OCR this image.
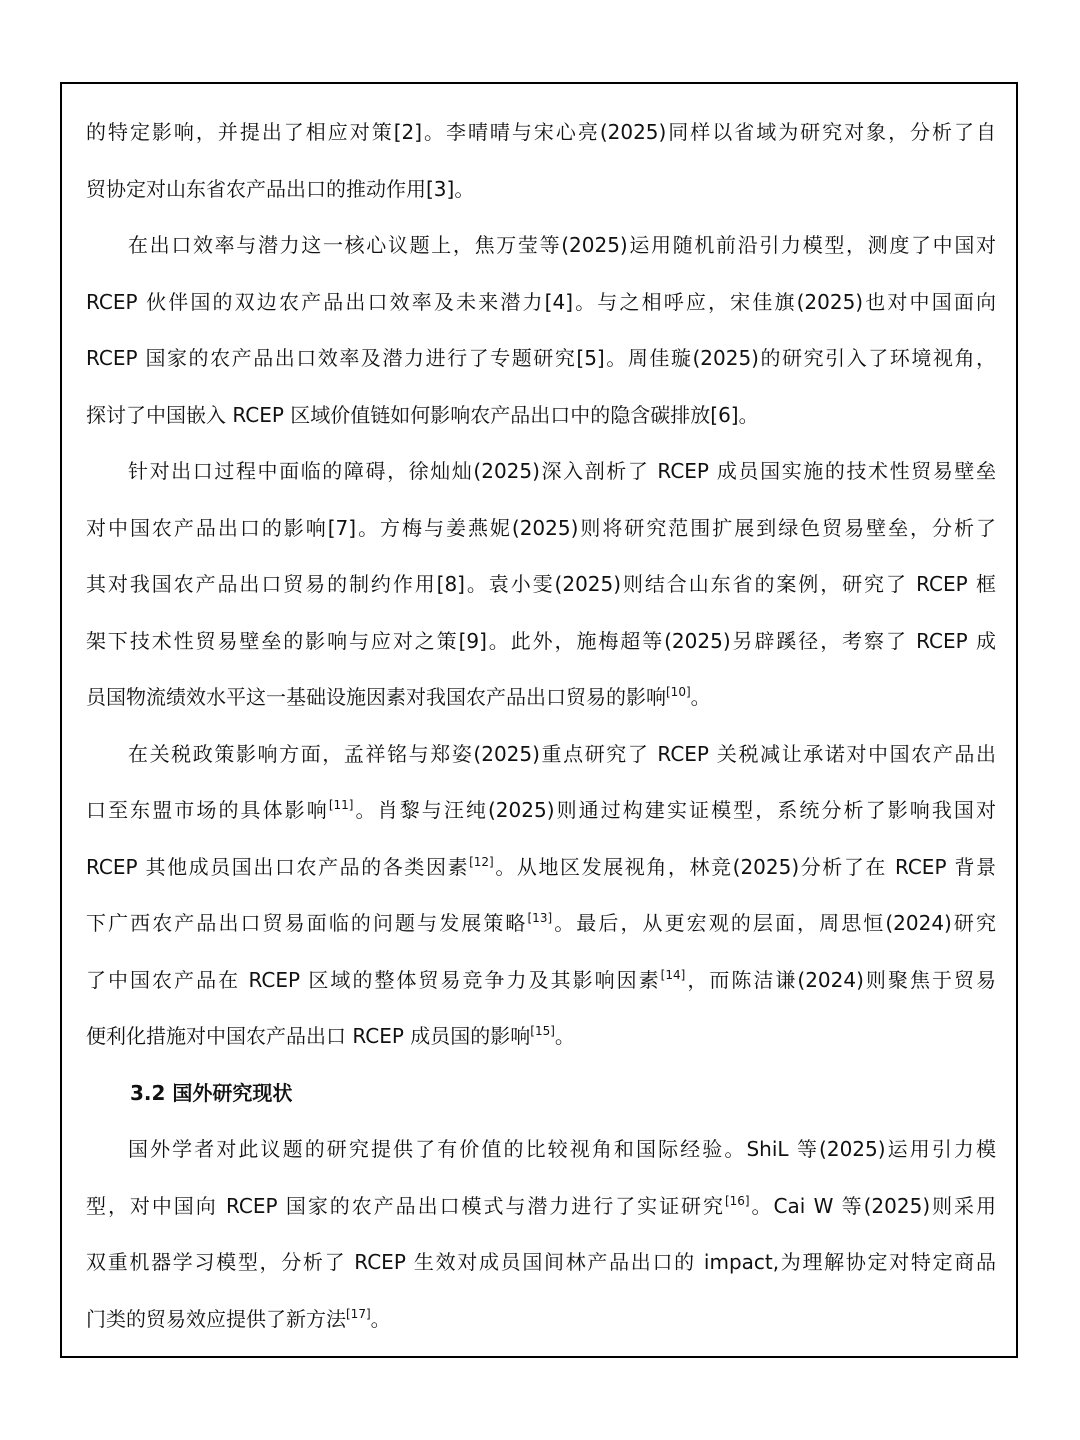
的特定影响，并提出了相应对策[2]。李晴晴与宋心亮(2025)同样以省域为研究对象，分析了自
贸协定对山东省农产品出口的推动作用[3]。
在出口效率与潜力这一核心议题上，焦万莹等(2025)运用随机前沿引力模型，测度了中国对
RCEP 伙伴国的双边农产品出口效率及未来潜力[4]。与之相呼应，宋佳旗(2025)也对中国面向
RCEP 国家的农产品出口效率及潜力进行了专题研究[5]。周佳璇(2025)的研究引入了环境视角，
探讨了中国嵌入 RCEP 区域价值链如何影响农产品出口中的隐含碳排放[6]。
针对出口过程中面临的障碍，徐灿灿(2025)深入剖析了 RCEP 成员国实施的技术性贸易壁垒
对中国农产品出口的影响[7]。方梅与姜燕妮(2025)则将研究范围扩展到绿色贸易壁垒，分析了
其对我国农产品出口贸易的制约作用[8]。袁小雯(2025)则结合山东省的案例，研究了 RCEP 框
架下技术性贸易壁垒的影响与应对之策[9]。此外，施梅超等(2025)另辟蹊径，考察了 RCEP 成
员国物流绩效水平这一基础设施因素对我国农产品出口贸易的影响[10]。
在关税政策影响方面，孟祥铭与郑姿(2025)重点研究了 RCEP 关税减让承诺对中国农产品出
口至东盟市场的具体影响[11]。肖黎与汪纯(2025)则通过构建实证模型，系统分析了影响我国对
RCEP 其他成员国出口农产品的各类因素[12]。从地区发展视角，林竞(2025)分析了在 RCEP 背景
下广西农产品出口贸易面临的问题与发展策略[13]。最后，从更宏观的层面，周思恒(2024)研究
了中国农产品在 RCEP 区域的整体贸易竞争力及其影响因素[14]，而陈洁谦(2024)则聚焦于贸易
便利化措施对中国农产品出口 RCEP 成员国的影响[15]。
3.2 国外研究现状
国外学者对此议题的研究提供了有价值的比较视角和国际经验。ShiL 等(2025)运用引力模
型，对中国向 RCEP 国家的农产品出口模式与潜力进行了实证研究[16]。Cai W 等(2025)则采用
双重机器学习模型，分析了 RCEP 生效对成员国间林产品出口的 impact,为理解协定对特定商品
门类的贸易效应提供了新方法[17]。
